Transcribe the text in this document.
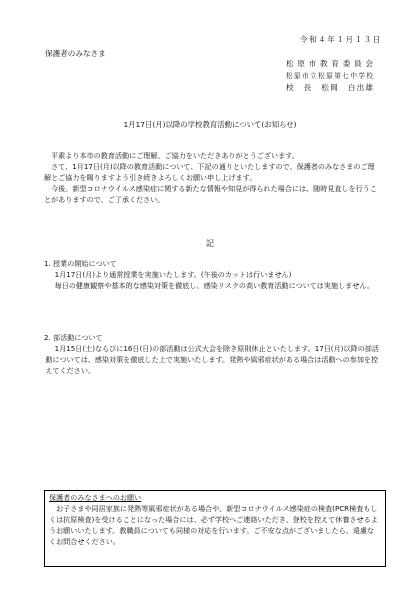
令和４年１月１３日
保護者のみなさま
松原市教育委員会
松原市立松原第七中学校
校　長　松岡　白出雄
1月17日(月)以降の学校教育活動について(お知らせ)
平素より本市の教育活動にご理解、ご協力をいただきありがとうございます。
さて、1月17日(月)以降の教育活動について、下記の通りといたしますので、保護者のみなさまのご理解とご協力を賜りますよう引き続きよろしくお願い申し上げます。
今後、新型コロナウイルス感染症に関する新たな情報や知見が得られた場合には、随時見直しを行うことがありますので、ご了承ください。
記
1. 授業の開始について
1月17日(月)より通常授業を実施いたします。(午後のカットは行いません)
毎日の健康観察や基本的な感染対策を徹底し、感染リスクの高い教育活動については実施しません。
2. 部活動について
1月15日(土)ならびに16日(日)の部活動は公式大会を除き原則休止といたします。17日(月)以降の部活動については、感染対策を徹底した上で実施いたします。発熱や風邪症状がある場合は活動への参加を控えてください。
保護者のみなさまへのお願い
お子さまや同居家族に発熱等風邪症状がある場合や、新型コロナウイルス感染症の検査(PCR検査もしくは抗原検査)を受けることになった場合には、必ず学校へご連絡いただき、登校を控えて休養させるようお願いいたします。教職員についても同様の対応を行います。ご不安な点がございましたら、遠慮なくお問合せください。
